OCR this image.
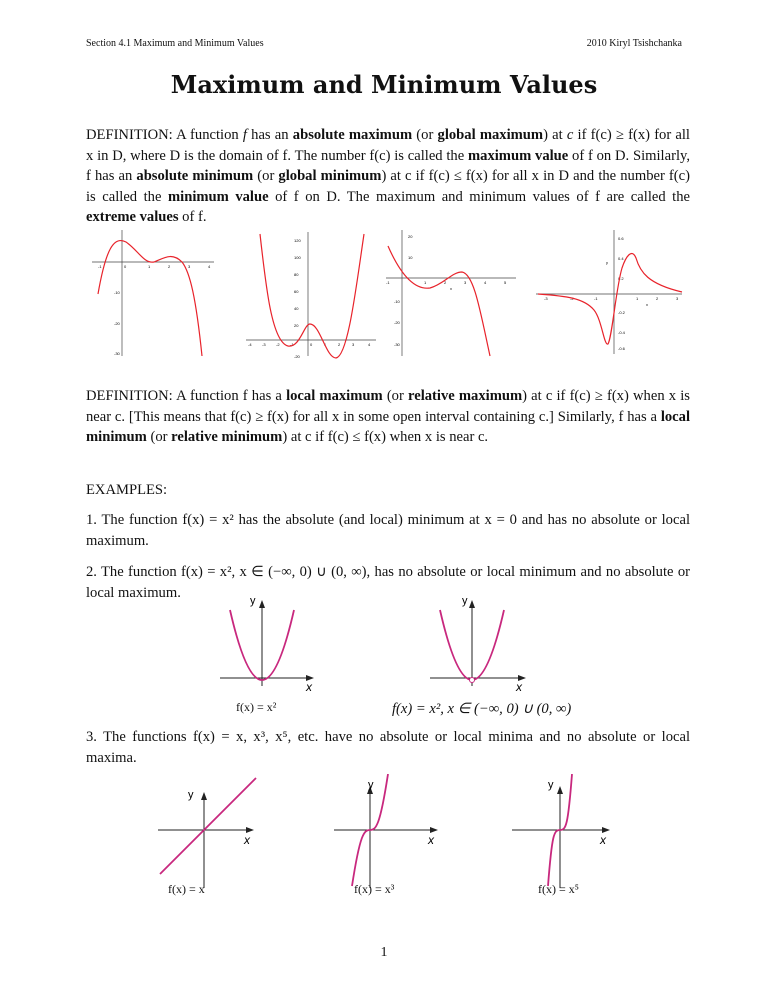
Section 4.1 Maximum and Minimum Values	2010 Kiryl Tsishchanka
Maximum and Minimum Values

DEFINITION: A function f has an absolute maximum (or global maximum) at c if f(c) ≥ f(x) for all x in D, where D is the domain of f. The number f(c) is called the maximum value of f on D. Similarly, f has an absolute minimum (or global minimum) at c if f(c) ≤ f(x) for all x in D and the number f(c) is called the minimum value of f on D. The maximum and minimum values of f are called the extreme values of f.

-1	0	1	2	3	4
-10
-20
-30
120
100
80
60
40
20
-20
-4	-3	-2	-1	0	1	2	3	4
20
10
-10
-20
-30
-1	1	2	3	4	5
x
0.6
0.4
0.2
-0.2
-0.4
-0.6
-3	-2	-1	1	2	3
x
y

DEFINITION: A function f has a local maximum (or relative maximum) at c if f(c) ≥ f(x) when x is near c. [This means that f(c) ≥ f(x) for all x in some open interval containing c.] Similarly, f has a local minimum (or relative minimum) at c if f(c) ≤ f(x) when x is near c.

EXAMPLES:

1. The function f(x) = x² has the absolute (and local) minimum at x = 0 and has no absolute or local maximum.

2. The function f(x) = x², x ∈ (−∞, 0) ∪ (0, ∞), has no absolute or local minimum and no absolute or local maximum.

y
x
y
x
f(x) = x²	f(x) = x², x ∈ (−∞, 0) ∪ (0, ∞)

3. The functions f(x) = x, x³, x⁵, etc. have no absolute or local minima and no absolute or local maxima.

y
x
y
x
y
x
f(x) = x	f(x) = x³	f(x) = x⁵
1
